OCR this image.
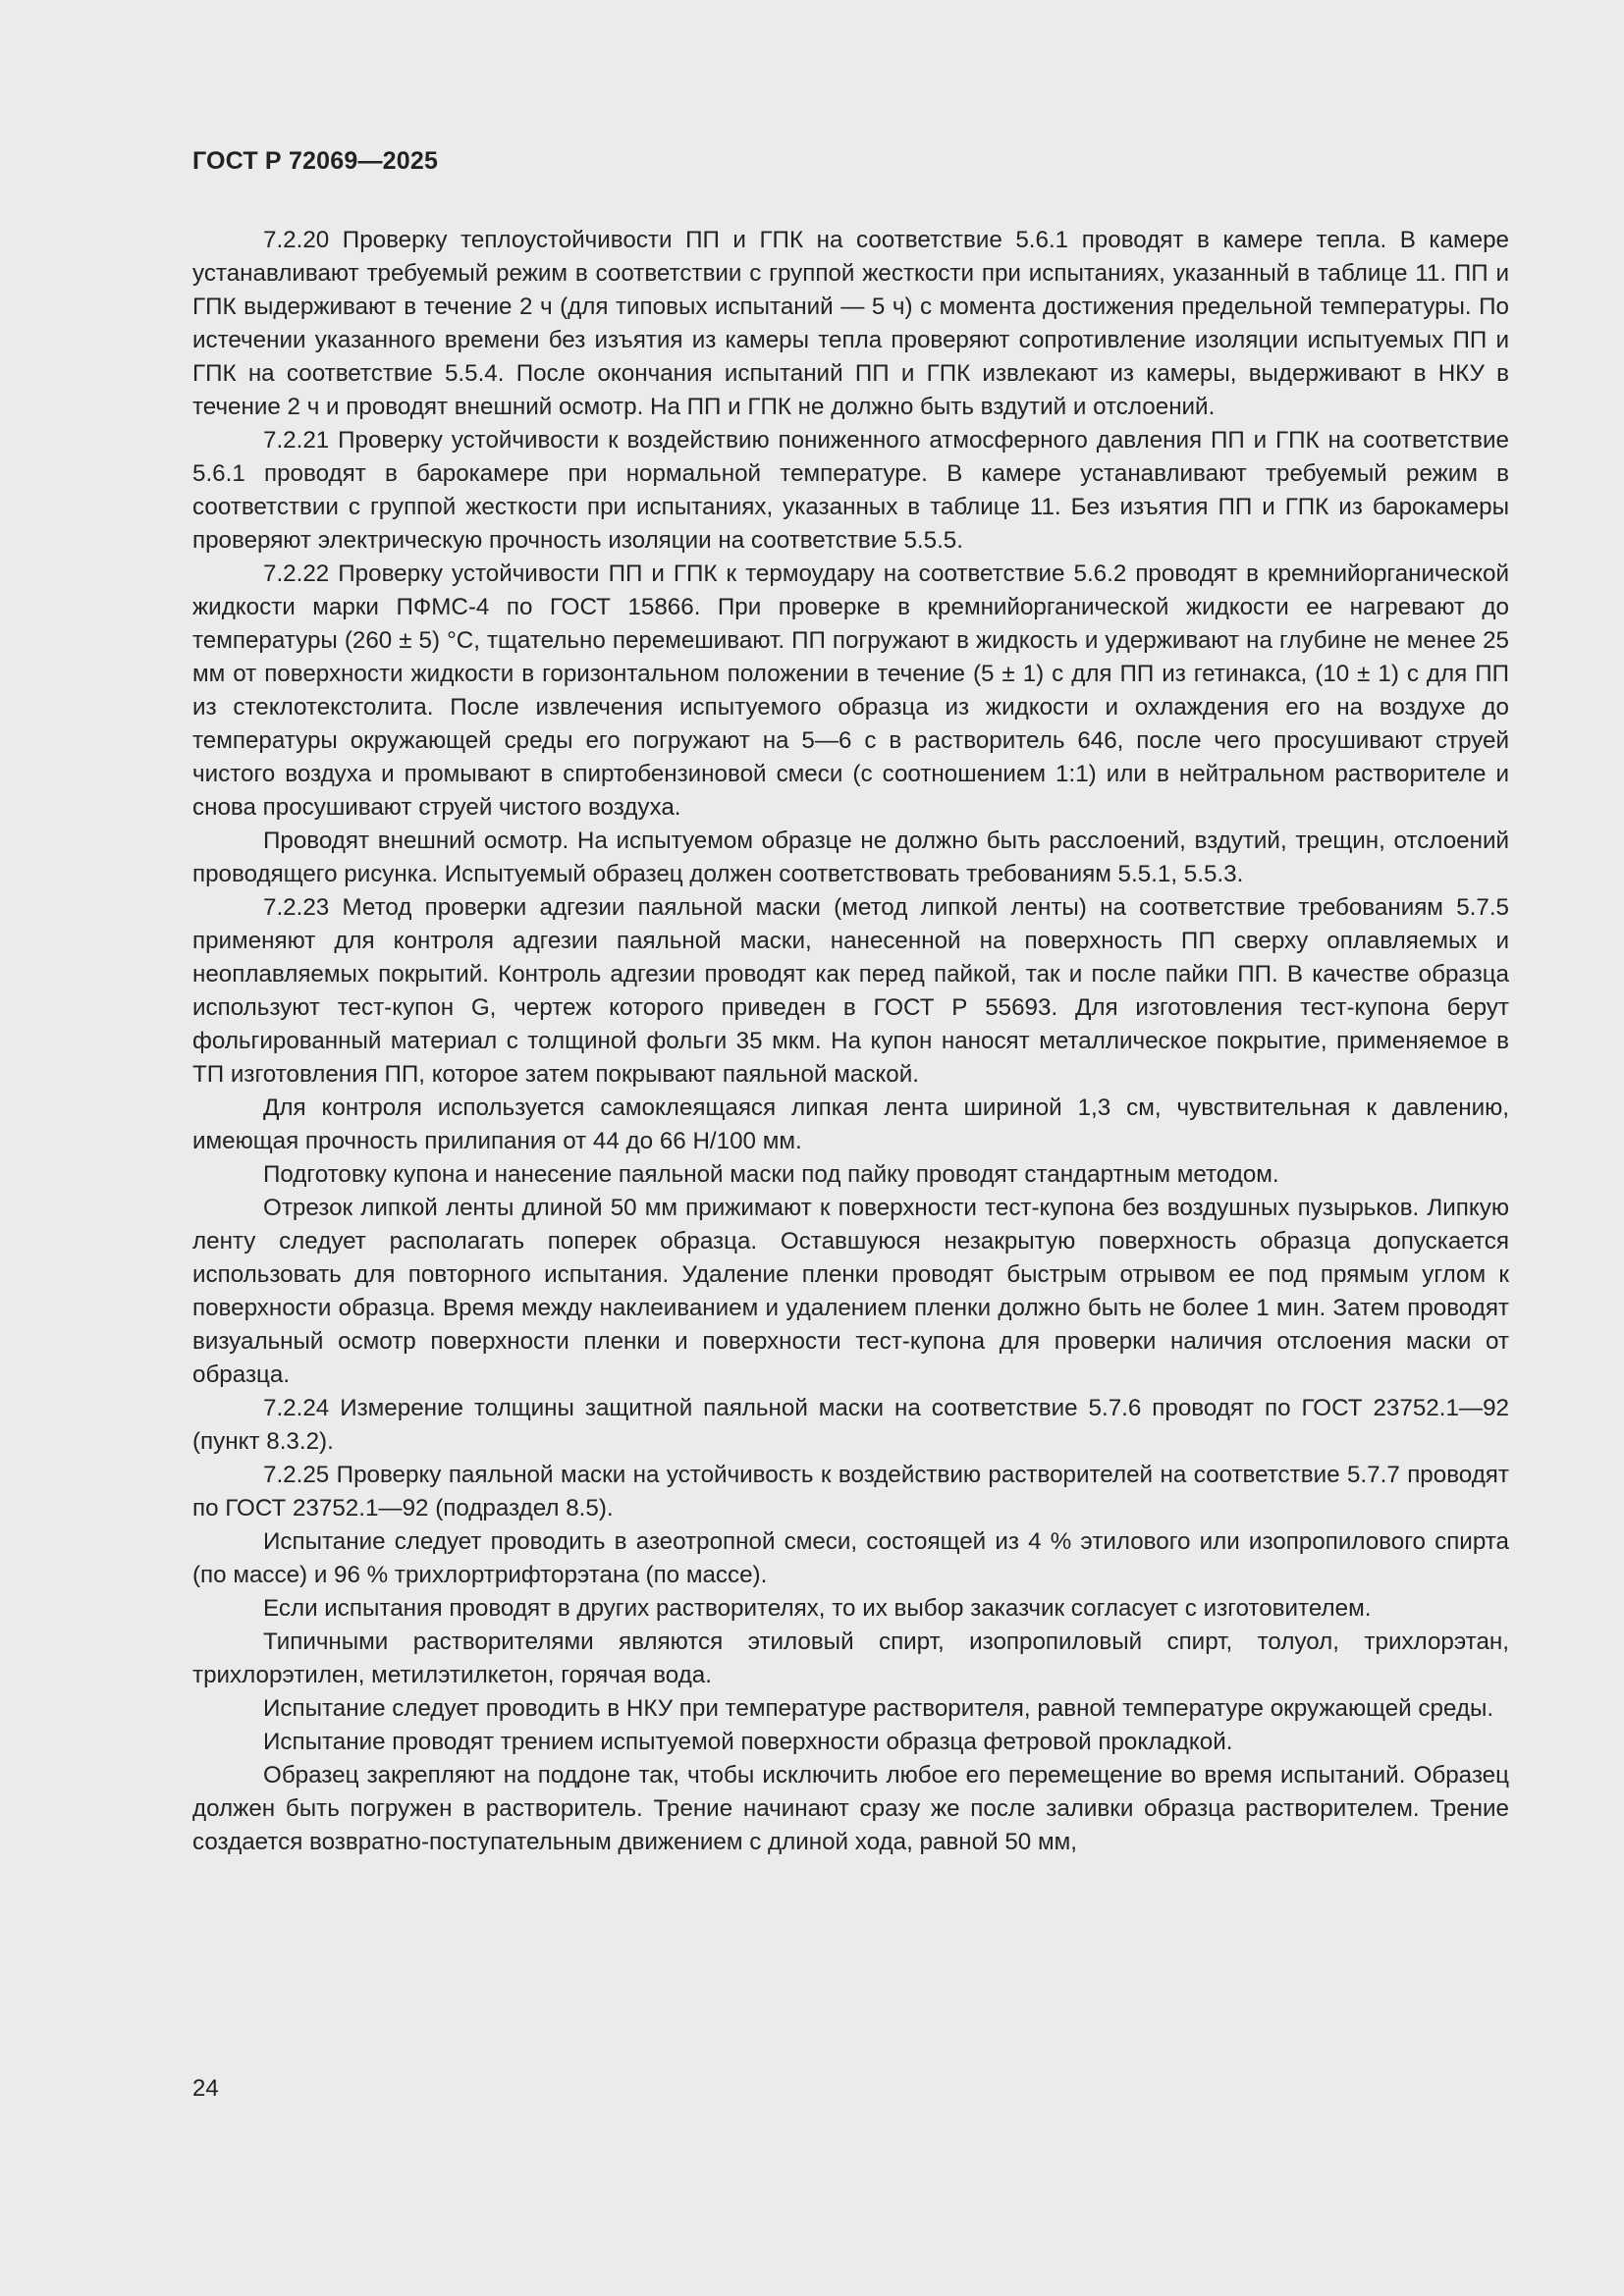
ГОСТ Р 72069—2025

7.2.20 Проверку теплоустойчивости ПП и ГПК на соответствие 5.6.1 проводят в камере тепла. В камере устанавливают требуемый режим в соответствии с группой жесткости при испытаниях, указанный в таблице 11. ПП и ГПК выдерживают в течение 2 ч (для типовых испытаний — 5 ч) с момента достижения предельной температуры. По истечении указанного времени без изъятия из камеры тепла проверяют сопротивление изоляции испытуемых ПП и ГПК на соответствие 5.5.4. После окончания испытаний ПП и ГПК извлекают из камеры, выдерживают в НКУ в течение 2 ч и проводят внешний осмотр. На ПП и ГПК не должно быть вздутий и отслоений.

7.2.21 Проверку устойчивости к воздействию пониженного атмосферного давления ПП и ГПК на соответствие 5.6.1 проводят в барокамере при нормальной температуре. В камере устанавливают требуемый режим в соответствии с группой жесткости при испытаниях, указанных в таблице 11. Без изъятия ПП и ГПК из барокамеры проверяют электрическую прочность изоляции на соответствие 5.5.5.

7.2.22 Проверку устойчивости ПП и ГПК к термоудару на соответствие 5.6.2 проводят в кремнийорганической жидкости марки ПФМС-4 по ГОСТ 15866. При проверке в кремнийорганической жидкости ее нагревают до температуры (260 ± 5) °С, тщательно перемешивают. ПП погружают в жидкость и удерживают на глубине не менее 25 мм от поверхности жидкости в горизонтальном положении в течение (5 ± 1) с для ПП из гетинакса, (10 ± 1) с для ПП из стеклотекстолита. После извлечения испытуемого образца из жидкости и охлаждения его на воздухе до температуры окружающей среды его погружают на 5—6 с в растворитель 646, после чего просушивают струей чистого воздуха и промывают в спиртобензиновой смеси (с соотношением 1:1) или в нейтральном растворителе и снова просушивают струей чистого воздуха.

Проводят внешний осмотр. На испытуемом образце не должно быть расслоений, вздутий, трещин, отслоений проводящего рисунка. Испытуемый образец должен соответствовать требованиям 5.5.1, 5.5.3.

7.2.23 Метод проверки адгезии паяльной маски (метод липкой ленты) на соответствие требованиям 5.7.5 применяют для контроля адгезии паяльной маски, нанесенной на поверхность ПП сверху оплавляемых и неоплавляемых покрытий. Контроль адгезии проводят как перед пайкой, так и после пайки ПП. В качестве образца используют тест-купон G, чертеж которого приведен в ГОСТ Р 55693. Для изготовления тест-купона берут фольгированный материал с толщиной фольги 35 мкм. На купон наносят металлическое покрытие, применяемое в ТП изготовления ПП, которое затем покрывают паяльной маской.

Для контроля используется самоклеящаяся липкая лента шириной 1,3 см, чувствительная к давлению, имеющая прочность прилипания от 44 до 66 Н/100 мм.

Подготовку купона и нанесение паяльной маски под пайку проводят стандартным методом.

Отрезок липкой ленты длиной 50 мм прижимают к поверхности тест-купона без воздушных пузырьков. Липкую ленту следует располагать поперек образца. Оставшуюся незакрытую поверхность образца допускается использовать для повторного испытания. Удаление пленки проводят быстрым отрывом ее под прямым углом к поверхности образца. Время между наклеиванием и удалением пленки должно быть не более 1 мин. Затем проводят визуальный осмотр поверхности пленки и поверхности тест-купона для проверки наличия отслоения маски от образца.

7.2.24 Измерение толщины защитной паяльной маски на соответствие 5.7.6 проводят по ГОСТ 23752.1—92 (пункт 8.3.2).

7.2.25 Проверку паяльной маски на устойчивость к воздействию растворителей на соответствие 5.7.7 проводят по ГОСТ 23752.1—92 (подраздел 8.5).

Испытание следует проводить в азеотропной смеси, состоящей из 4 % этилового или изопропилового спирта (по массе) и 96 % трихлортрифторэтана (по массе).

Если испытания проводят в других растворителях, то их выбор заказчик согласует с изготовителем.

Типичными растворителями являются этиловый спирт, изопропиловый спирт, толуол, трихлорэтан, трихлорэтилен, метилэтилкетон, горячая вода.

Испытание следует проводить в НКУ при температуре растворителя, равной температуре окружающей среды.

Испытание проводят трением испытуемой поверхности образца фетровой прокладкой.

Образец закрепляют на поддоне так, чтобы исключить любое его перемещение во время испытаний. Образец должен быть погружен в растворитель. Трение начинают сразу же после заливки образца растворителем. Трение создается возвратно-поступательным движением с длиной хода, равной 50 мм,

24
